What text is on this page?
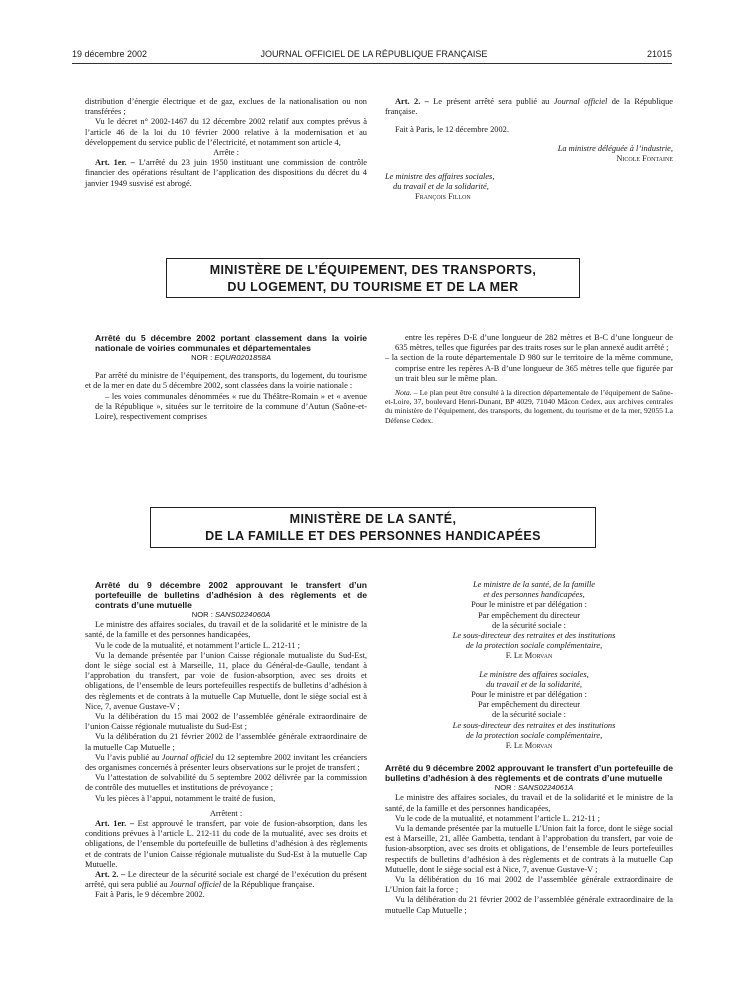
19 décembre 2002	JOURNAL OFFICIEL DE LA RÉPUBLIQUE FRANÇAISE	21015

distribution d’énergie électrique et de gaz, exclues de la nationalisation ou non transférées ;

Vu le décret n° 2002-1467 du 12 décembre 2002 relatif aux comptes prévus à l’article 46 de la loi du 10 février 2000 relative à la modernisation et au développement du service public de l’électricité, et notamment son article 4,

Arrête :

Art. 1er. – L’arrêté du 23 juin 1950 instituant une commission de contrôle financier des opérations résultant de l’application des dispositions du décret du 4 janvier 1949 susvisé est abrogé.

Art. 2. – Le présent arrêté sera publié au Journal officiel de la République française.

Fait à Paris, le 12 décembre 2002.

La ministre déléguée à l’industrie,

Nicole Fontaine

Le ministre des affaires sociales,

du travail et de la solidarité,

François Fillon

MINISTÈRE DE L’ÉQUIPEMENT, DES TRANSPORTS,
DU LOGEMENT, DU TOURISME ET DE LA MER
Arrêté du 5 décembre 2002 portant classement dans la voirie nationale de voiries communales et départementales

NOR : EQUR0201858A

Par arrêté du ministre de l’équipement, des transports, du logement, du tourisme et de la mer en date du 5 décembre 2002, sont classées dans la voirie nationale :

– les voies communales dénommées « rue du Théâtre-Romain » et « avenue de la République », situées sur le territoire de la commune d’Autun (Saône-et-Loire), respectivement comprises

entre les repères D-E d’une longueur de 282 mètres et B-C d’une longueur de 635 mètres, telles que figurées par des traits roses sur le plan annexé audit arrêté ;

– la section de la route départementale D 980 sur le territoire de la même commune, comprise entre les repères A-B d’une longueur de 365 mètres telle que figurée par un trait bleu sur le même plan.

Nota. – Le plan peut être consulté à la direction départementale de l’équipement de Saône-et-Loire, 37, boulevard Henri-Dunant, BP 4029, 71040 Mâcon Cedex, aux archives centrales du ministère de l’équipement, des transports, du logement, du tourisme et de la mer, 92055 La Défense Cedex.

MINISTÈRE DE LA SANTÉ,
DE LA FAMILLE ET DES PERSONNES HANDICAPÉES
Arrêté du 9 décembre 2002 approuvant le transfert d’un portefeuille de bulletins d’adhésion à des règlements et de contrats d’une mutuelle

NOR : SANS0224060A

Le ministre des affaires sociales, du travail et de la solidarité et le ministre de la santé, de la famille et des personnes handicapées,

Vu le code de la mutualité, et notamment l’article L. 212-11 ;

Vu la demande présentée par l’union Caisse régionale mutualiste du Sud-Est, dont le siège social est à Marseille, 11, place du Général-de-Gaulle, tendant à l’approbation du transfert, par voie de fusion-absorption, avec ses droits et obligations, de l’ensemble de leurs portefeuilles respectifs de bulletins d’adhésion à des règlements et de contrats à la mutuelle Cap Mutuelle, dont le siège social est à Nice, 7, avenue Gustave-V ;

Vu la délibération du 15 mai 2002 de l’assemblée générale extraordinaire de l’union Caisse régionale mutualiste du Sud-Est ;

Vu la délibération du 21 février 2002 de l’assemblée générale extraordinaire de la mutuelle Cap Mutuelle ;

Vu l’avis publié au Journal officiel du 12 septembre 2002 invitant les créanciers des organismes concernés à présenter leurs observations sur le projet de transfert ;

Vu l’attestation de solvabilité du 5 septembre 2002 délivrée par la commission de contrôle des mutuelles et institutions de prévoyance ;

Vu les pièces à l’appui, notamment le traité de fusion,

Arrêtent :

Art. 1er. – Est approuvé le transfert, par voie de fusion-absorption, dans les conditions prévues à l’article L. 212-11 du code de la mutualité, avec ses droits et obligations, de l’ensemble du portefeuille de bulletins d’adhésion à des règlements et de contrats de l’union Caisse régionale mutualiste du Sud-Est à la mutuelle Cap Mutuelle.

Art. 2. – Le directeur de la sécurité sociale est chargé de l’exécution du présent arrêté, qui sera publié au Journal officiel de la République française.

Fait à Paris, le 9 décembre 2002.

Le ministre de la santé, de la famille

et des personnes handicapées,

Pour le ministre et par délégation :

Par empêchement du directeur

de la sécurité sociale :

Le sous-directeur des retraites et des institutions

de la protection sociale complémentaire,

F. Le Morvan

Le ministre des affaires sociales,

du travail et de la solidarité,

Pour le ministre et par délégation :

Par empêchement du directeur

de la sécurité sociale :

Le sous-directeur des retraites et des institutions

de la protection sociale complémentaire,

F. Le Morvan

Arrêté du 9 décembre 2002 approuvant le transfert d’un portefeuille de bulletins d’adhésion à des règlements et de contrats d’une mutuelle

NOR : SANS0224061A

Le ministre des affaires sociales, du travail et de la solidarité et le ministre de la santé, de la famille et des personnes handicapées,

Vu le code de la mutualité, et notamment l’article L. 212-11 ;

Vu la demande présentée par la mutuelle L’Union fait la force, dont le siège social est à Marseille, 21, allée Gambetta, tendant à l’approbation du transfert, par voie de fusion-absorption, avec ses droits et obligations, de l’ensemble de leurs portefeuilles respectifs de bulletins d’adhésion à des règlements et de contrats à la mutuelle Cap Mutuelle, dont le siège social est à Nice, 7, avenue Gustave-V ;

Vu la délibération du 16 mai 2002 de l’assemblée générale extraordinaire de L’Union fait la force ;

Vu la délibération du 21 février 2002 de l’assemblée générale extraordinaire de la mutuelle Cap Mutuelle ;
